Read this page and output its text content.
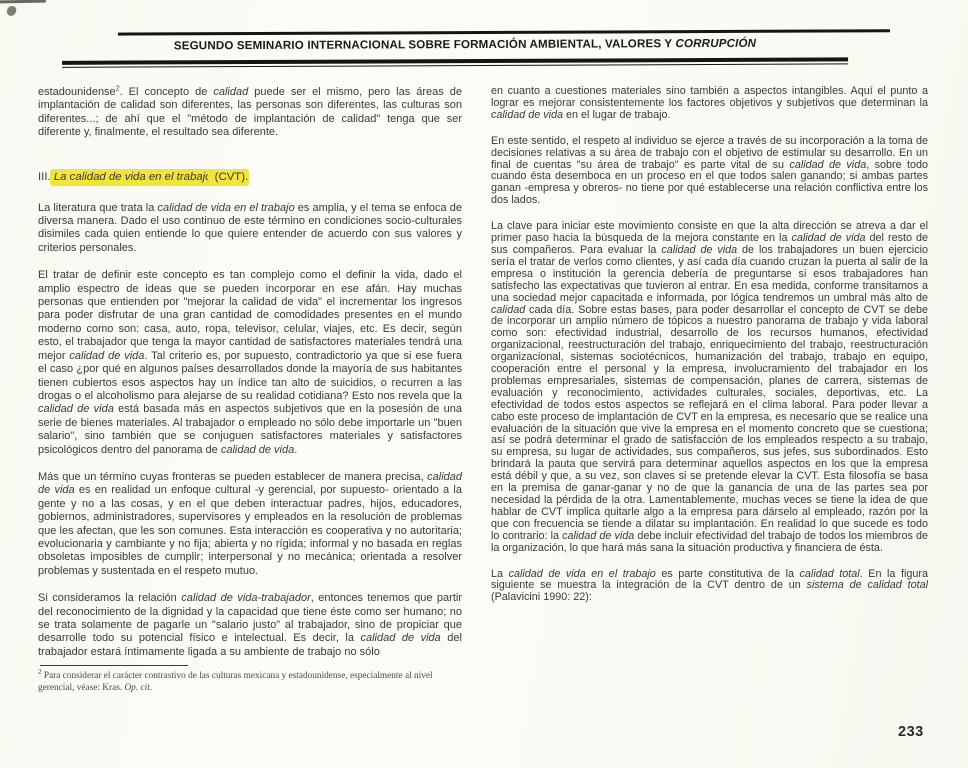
SEGUNDO SEMINARIO INTERNACIONAL SOBRE FORMACIÓN AMBIENTAL, VALORES Y CORRUPCIÓN

estadounidense$^2$. El concepto de calidad puede ser el mismo, pero las áreas de implantación de calidad son diferentes, las personas son diferentes, las culturas son diferentes...; de ahí que el "método de implantación de calidad" tenga que ser diferente y, finalmente, el resultado sea diferente.

III. La calidad de vida en el trabajo (CVT).

La literatura que trata la calidad de vida en el trabajo es amplia, y el tema se enfoca de diversa manera. Dado el uso continuo de este término en condiciones socio-culturales disimiles cada quien entiende lo que quiere entender de acuerdo con sus valores y criterios personales.

El tratar de definir este concepto es tan complejo como el definir la vida, dado el amplio espectro de ideas que se pueden incorporar en ese afán. Hay muchas personas que entienden por "mejorar la calidad de vida" el incrementar los ingresos para poder disfrutar de una gran cantidad de comodidades presentes en el mundo moderno como son: casa, auto, ropa, televisor, celular, viajes, etc. Es decir, según esto, el trabajador que tenga la mayor cantidad de satisfactores materiales tendrá una mejor calidad de vida. Tal criterio es, por supuesto, contradictorio ya que si ese fuera el caso ¿por qué en algunos países desarrollados donde la mayoría de sus habitantes tienen cubiertos esos aspectos hay un índice tan alto de suicidios, o recurren a las drogas o el alcoholismo para alejarse de su realidad cotidiana? Esto nos revela que la calidad de vida está basada más en aspectos subjetivos que en la posesión de una serie de bienes materiales. Al trabajador o empleado no sólo debe importarle un "buen salario", sino también que se conjuguen satisfactores materiales y satisfactores psicológicos dentro del panorama de calidad de vida.

Más que un término cuyas fronteras se pueden establecer de manera precisa, calidad de vida es en realidad un enfoque cultural -y gerencial, por supuesto- orientado a la gente y no a las cosas, y en el que deben interactuar padres, hijos, educadores, gobiernos, administradores, supervisores y empleados en la resolución de problemas que les afectan, que les son comunes. Esta interacción es cooperativa y no autoritaria; evolucionaria y cambiante y no fija; abierta y no rígida; informal y no basada en reglas obsoletas imposibles de cumplir; interpersonal y no mecánica; orientada a resolver problemas y sustentada en el respeto mutuo.

Si consideramos la relación calidad de vida-trabajador, entonces tenemos que partir del reconocimiento de la dignidad y la capacidad que tiene éste como ser humano; no se trata solamente de pagarle un "salario justo" al trabajador, sino de propiciar que desarrolle todo su potencial físico e intelectual. Es decir, la calidad de vida del trabajador estará íntimamente ligada a su ambiente de trabajo no sólo

$^2$ Para considerar el carácter contrastivo de las culturas mexicana y estadounidense, especialmente al nivel gerencial, véase: Kras. Op. cit.

en cuanto a cuestiones materiales sino también a aspectos intangibles. Aquí el punto a lograr es mejorar consistentemente los factores objetivos y subjetivos que determinan la calidad de vida en el lugar de trabajo.

En este sentido, el respeto al individuo se ejerce a través de su incorporación a la toma de decisiones relativas a su área de trabajo con el objetivo de estimular su desarrollo. En un final de cuentas "su área de trabajo" es parte vital de su calidad de vida, sobre todo cuando ésta desemboca en un proceso en el que todos salen ganando; si ambas partes ganan -empresa y obreros- no tiene por qué establecerse una relación conflictiva entre los dos lados.

La clave para iniciar este movimiento consiste en que la alta dirección se atreva a dar el primer paso hacia la búsqueda de la mejora constante en la calidad de vida del resto de sus compañeros. Para evaluar la calidad de vida de los trabajadores un buen ejercicio sería el tratar de verlos como clientes, y así cada día cuando cruzan la puerta al salir de la empresa o institución la gerencia debería de preguntarse si esos trabajadores han satisfecho las expectativas que tuvieron al entrar. En esa medida, conforme transitamos a una sociedad mejor capacitada e informada, por lógica tendremos un umbral más alto de calidad cada día. Sobre estas bases, para poder desarrollar el concepto de CVT se debe de incorporar un amplio número de tópicos a nuestro panorama de trabajo y vida laboral como son: efectividad industrial, desarrollo de los recursos humanos, efectividad organizacional, reestructuración del trabajo, enriquecimiento del trabajo, reestructuración organizacional, sistemas sociotécnicos, humanización del trabajo, trabajo en equipo, cooperación entre el personal y la empresa, involucramiento del trabajador en los problemas empresariales, sistemas de compensación, planes de carrera, sistemas de evaluación y reconocimiento, actividades culturales, sociales, deportivas, etc. La efectividad de todos estos aspectos se reflejará en el clima laboral. Para poder llevar a cabo este proceso de implantación de CVT en la empresa, es necesario que se realice una evaluación de la situación que vive la empresa en el momento concreto que se cuestiona; así se podrá determinar el grado de satisfacción de los empleados respecto a su trabajo, su empresa, su lugar de actividades, sus compañeros, sus jefes, sus subordinados. Esto brindará la pauta que servirá para determinar aquellos aspectos en los que la empresa está débil y que, a su vez, son claves si se pretende elevar la CVT. Esta filosofía se basa en la premisa de ganar-ganar y no de que la ganancia de una de las partes sea por necesidad la pérdida de la otra. Lamentablemente, muchas veces se tiene la idea de que hablar de CVT implica quitarle algo a la empresa para dárselo al empleado, razón por la que con frecuencia se tiende a dilatar su implantación. En realidad lo que sucede es todo lo contrario: la calidad de vida debe incluir efectividad del trabajo de todos los miembros de la organización, lo que hará más sana la situación productiva y financiera de ésta.

La calidad de vida en el trabajo es parte constitutiva de la calidad total. En la figura siguiente se muestra la integración de la CVT dentro de un sistema de calidad total (Palavicini 1990: 22):

233
